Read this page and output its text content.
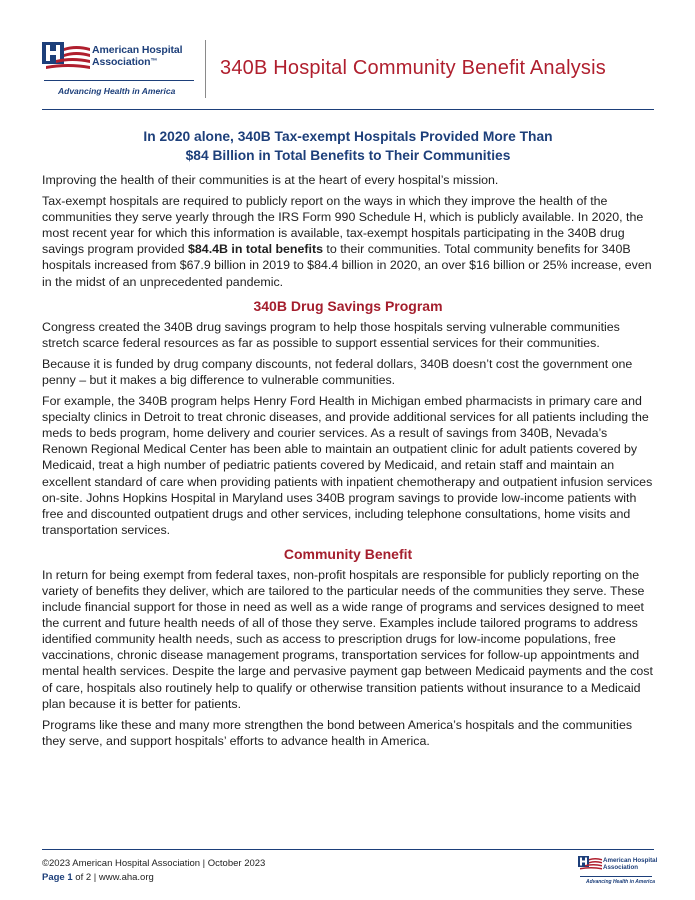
American Hospital
Association™
Advancing Health in America
340B Hospital Community Benefit Analysis
In 2020 alone, 340B Tax-exempt Hospitals Provided More Than
$84 Billion in Total Benefits to Their Communities

Improving the health of their communities is at the heart of every hospital’s mission.

Tax-exempt hospitals are required to publicly report on the ways in which they improve the health of the communities they serve yearly through the IRS Form 990 Schedule H, which is publicly available. In 2020, the most recent year for which this information is available, tax-exempt hospitals participating in the 340B drug savings program provided $84.4B in total benefits to their communities. Total community benefits for 340B hospitals increased from $67.9 billion in 2019 to $84.4 billion in 2020, an over $16 billion or 25% increase, even in the midst of an unprecedented pandemic.

340B Drug Savings Program

Congress created the 340B drug savings program to help those hospitals serving vulnerable communities stretch scarce federal resources as far as possible to support essential services for their communities.

Because it is funded by drug company discounts, not federal dollars, 340B doesn’t cost the government one penny – but it makes a big difference to vulnerable communities.

For example, the 340B program helps Henry Ford Health in Michigan embed pharmacists in primary care and specialty clinics in Detroit to treat chronic diseases, and provide additional services for all patients including the meds to beds program, home delivery and courier services. As a result of savings from 340B, Nevada’s Renown Regional Medical Center has been able to maintain an outpatient clinic for adult patients covered by Medicaid, treat a high number of pediatric patients covered by Medicaid, and retain staff and maintain an excellent standard of care when providing patients with inpatient chemotherapy and outpatient infusion services on-site. Johns Hopkins Hospital in Maryland uses 340B program savings to provide low-income patients with free and discounted outpatient drugs and other services, including telephone consultations, home visits and transportation services.

Community Benefit

In return for being exempt from federal taxes, non-profit hospitals are responsible for publicly reporting on the variety of benefits they deliver, which are tailored to the particular needs of the communities they serve. These include financial support for those in need as well as a wide range of programs and services designed to meet the current and future health needs of all of those they serve. Examples include tailored programs to address identified community health needs, such as access to prescription drugs for low-income populations, free vaccinations, chronic disease management programs, transportation services for follow-up appointments and mental health services. Despite the large and pervasive payment gap between Medicaid payments and the cost of care, hospitals also routinely help to qualify or otherwise transition patients without insurance to a Medicaid plan because it is better for patients.

Programs like these and many more strengthen the bond between America’s hospitals and the communities they serve, and support hospitals’ efforts to advance health in America.

©2023 American Hospital Association | October 2023
Page 1 of 2 | www.aha.org
American Hospital
Association
Advancing Health in America
